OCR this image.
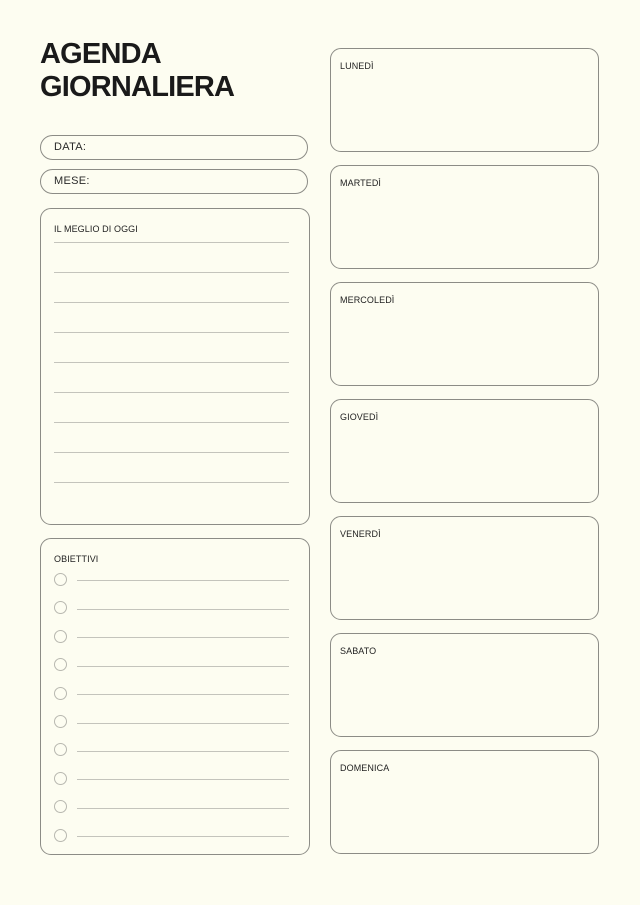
AGENDA
GIORNALIERA
DATA:
MESE:
IL MEGLIO DI OGGI
OBIETTIVI
LUNEDÌ
MARTEDÌ
MERCOLEDÌ
GIOVEDÌ
VENERDÌ
SABATO
DOMENICA
